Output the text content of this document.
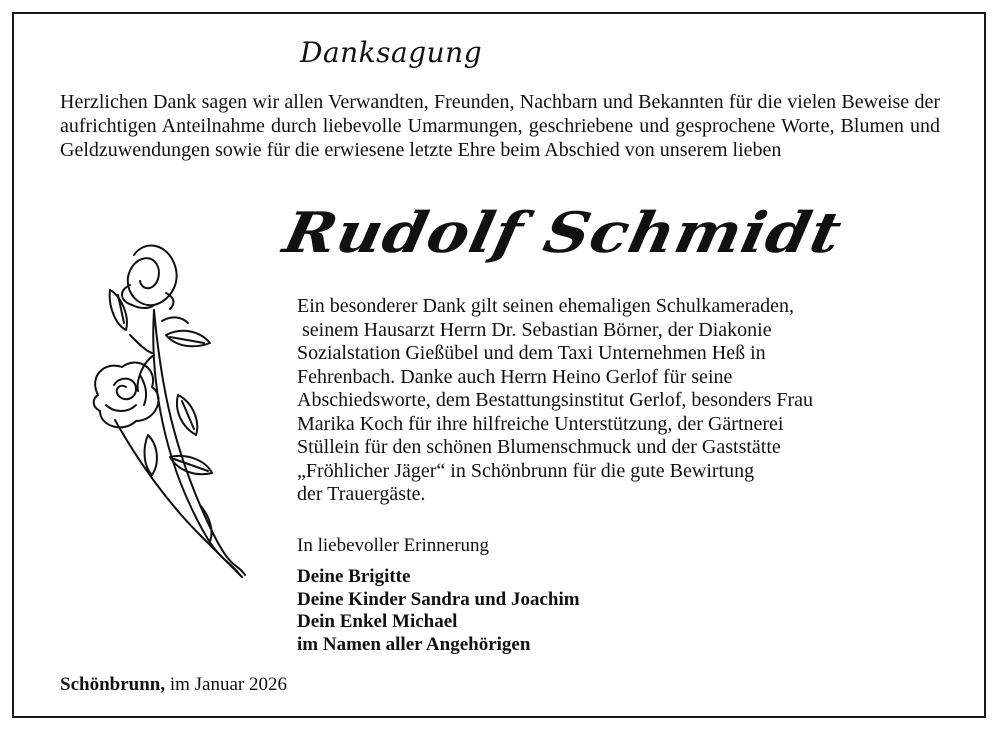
Danksagung
Herzlichen Dank sagen wir allen Verwandten, Freunden, Nachbarn und Bekannten für die vielen Beweise der aufrichtigen Anteilnahme durch liebevolle Umarmungen, geschriebene und gesprochene Worte, Blumen und Geldzuwendungen sowie für die erwiesene letzte Ehre beim Abschied von unserem lieben
Rudolf Schmidt
Ein besonderer Dank gilt seinen ehemaligen Schulkameraden,
seinem Hausarzt Herrn Dr. Sebastian Börner, der Diakonie
Sozialstation Gießübel und dem Taxi Unternehmen Heß in
Fehrenbach. Danke auch Herrn Heino Gerlof für seine
Abschiedsworte, dem Bestattungsinstitut Gerlof, besonders Frau
Marika Koch für ihre hilfreiche Unterstützung, der Gärtnerei
Stüllein für den schönen Blumenschmuck und der Gaststätte
„Fröhlicher Jäger“ in Schönbrunn für die gute Bewirtung
der Trauergäste.
In liebevoller Erinnerung
Deine Brigitte
Deine Kinder Sandra und Joachim
Dein Enkel Michael
im Namen aller Angehörigen
Schönbrunn, im Januar 2026
